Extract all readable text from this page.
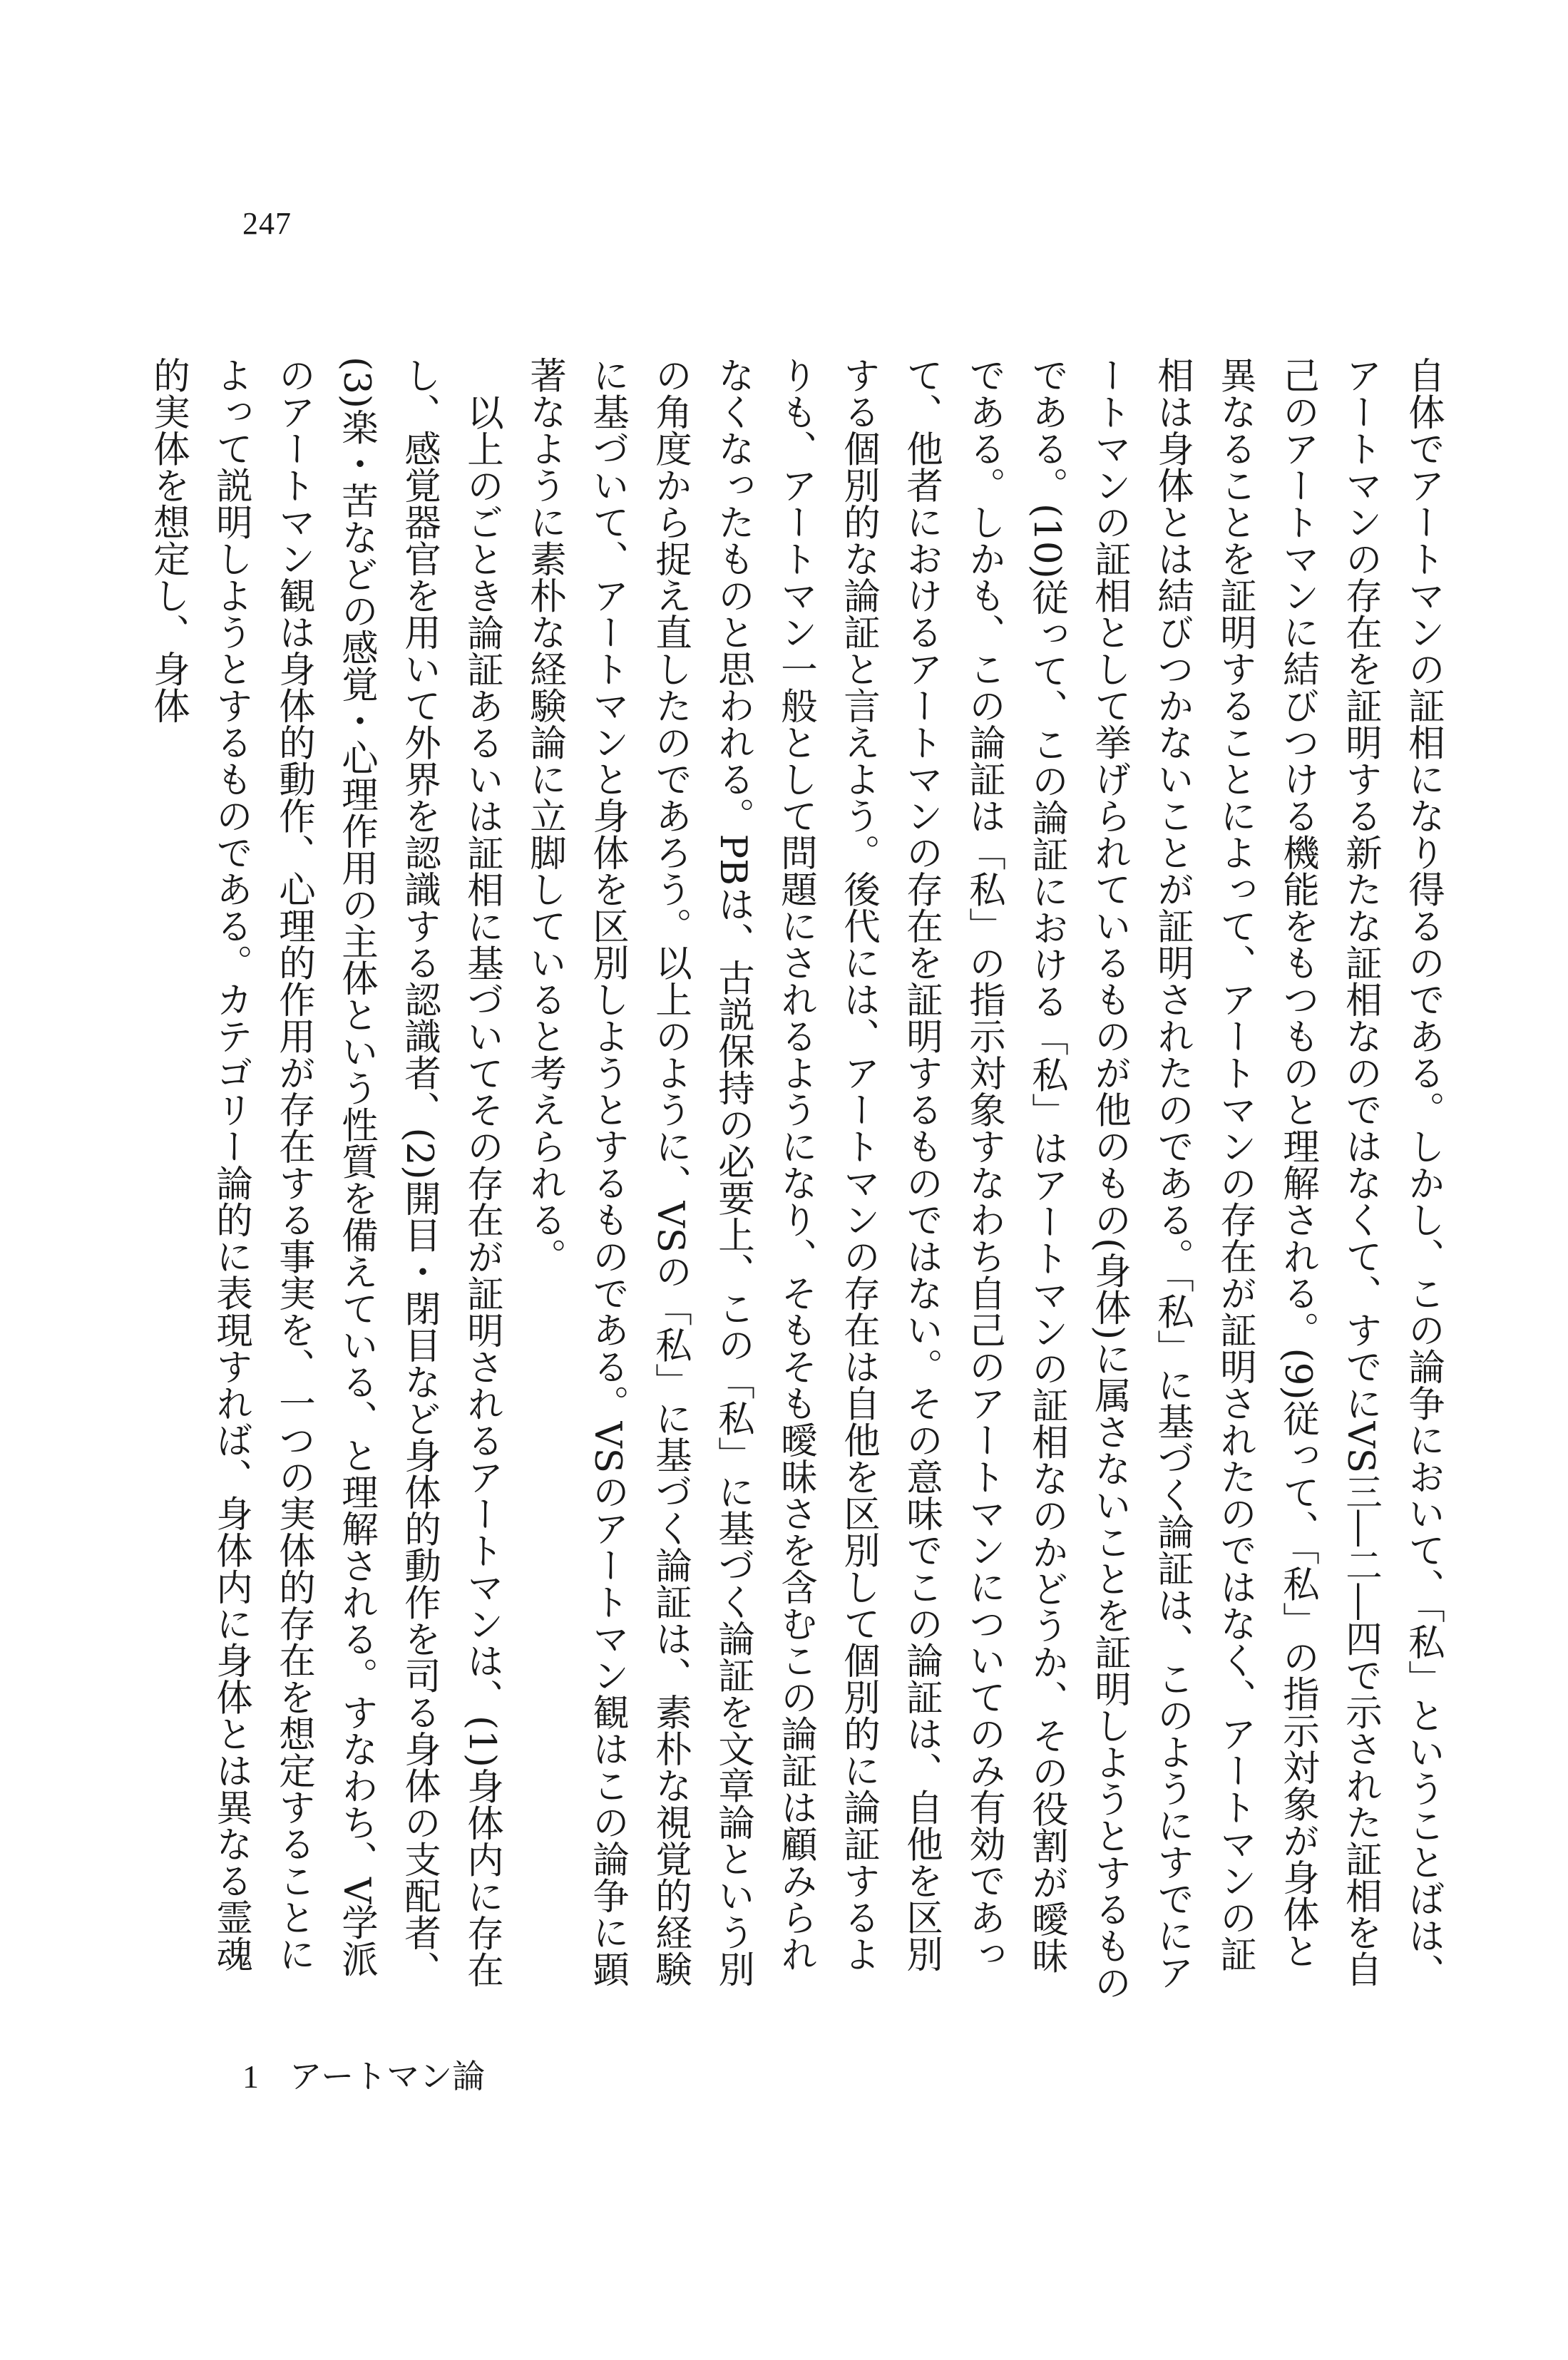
247

自体でアートマンの証相になり得るのである。しかし、この論争において、「私」ということばは、アートマンの存在を証明する新たな証相なのではなくて、すでにVS三―二―四で示された証相を自己のアートマンに結びつける機能をもつものと理解される。(9)従って、「私」の指示対象が身体と異なることを証明することによって、アートマンの存在が証明されたのではなく、アートマンの証相は身体とは結びつかないことが証明されたのである。「私」に基づく論証は、このようにすでにアートマンの証相として挙げられているものが他のもの(身体)に属さないことを証明しようとするものである。(10)従って、この論証における「私」はアートマンの証相なのかどうか、その役割が曖昧である。しかも、この論証は「私」の指示対象すなわち自己のアートマンについてのみ有効であって、他者におけるアートマンの存在を証明するものではない。その意味でこの論証は、自他を区別する個別的な論証と言えよう。後代には、アートマンの存在は自他を区別して個別的に論証するよりも、アートマン一般として問題にされるようになり、そもそも曖昧さを含むこの論証は顧みられなくなったものと思われる。PBは、古説保持の必要上、この「私」に基づく論証を文章論という別の角度から捉え直したのであろう。以上のように、VSの「私」に基づく論証は、素朴な視覚的経験に基づいて、アートマンと身体を区別しようとするものである。VSのアートマン観はこの論争に顕著なように素朴な経験論に立脚していると考えられる。

以上のごとき論証あるいは証相に基づいてその存在が証明されるアートマンは、(1)身体内に存在し、感覚器官を用いて外界を認識する認識者、(2)開目・閉目など身体的動作を司る身体の支配者、(3)楽・苦などの感覚・心理作用の主体という性質を備えている、と理解される。すなわち、V学派のアートマン観は身体的動作、心理的作用が存在する事実を、一つの実体的存在を想定することによって説明しようとするものである。カテゴリー論的に表現すれば、身体内に身体とは異なる霊魂的実体を想定し、身体

1 アートマン論
